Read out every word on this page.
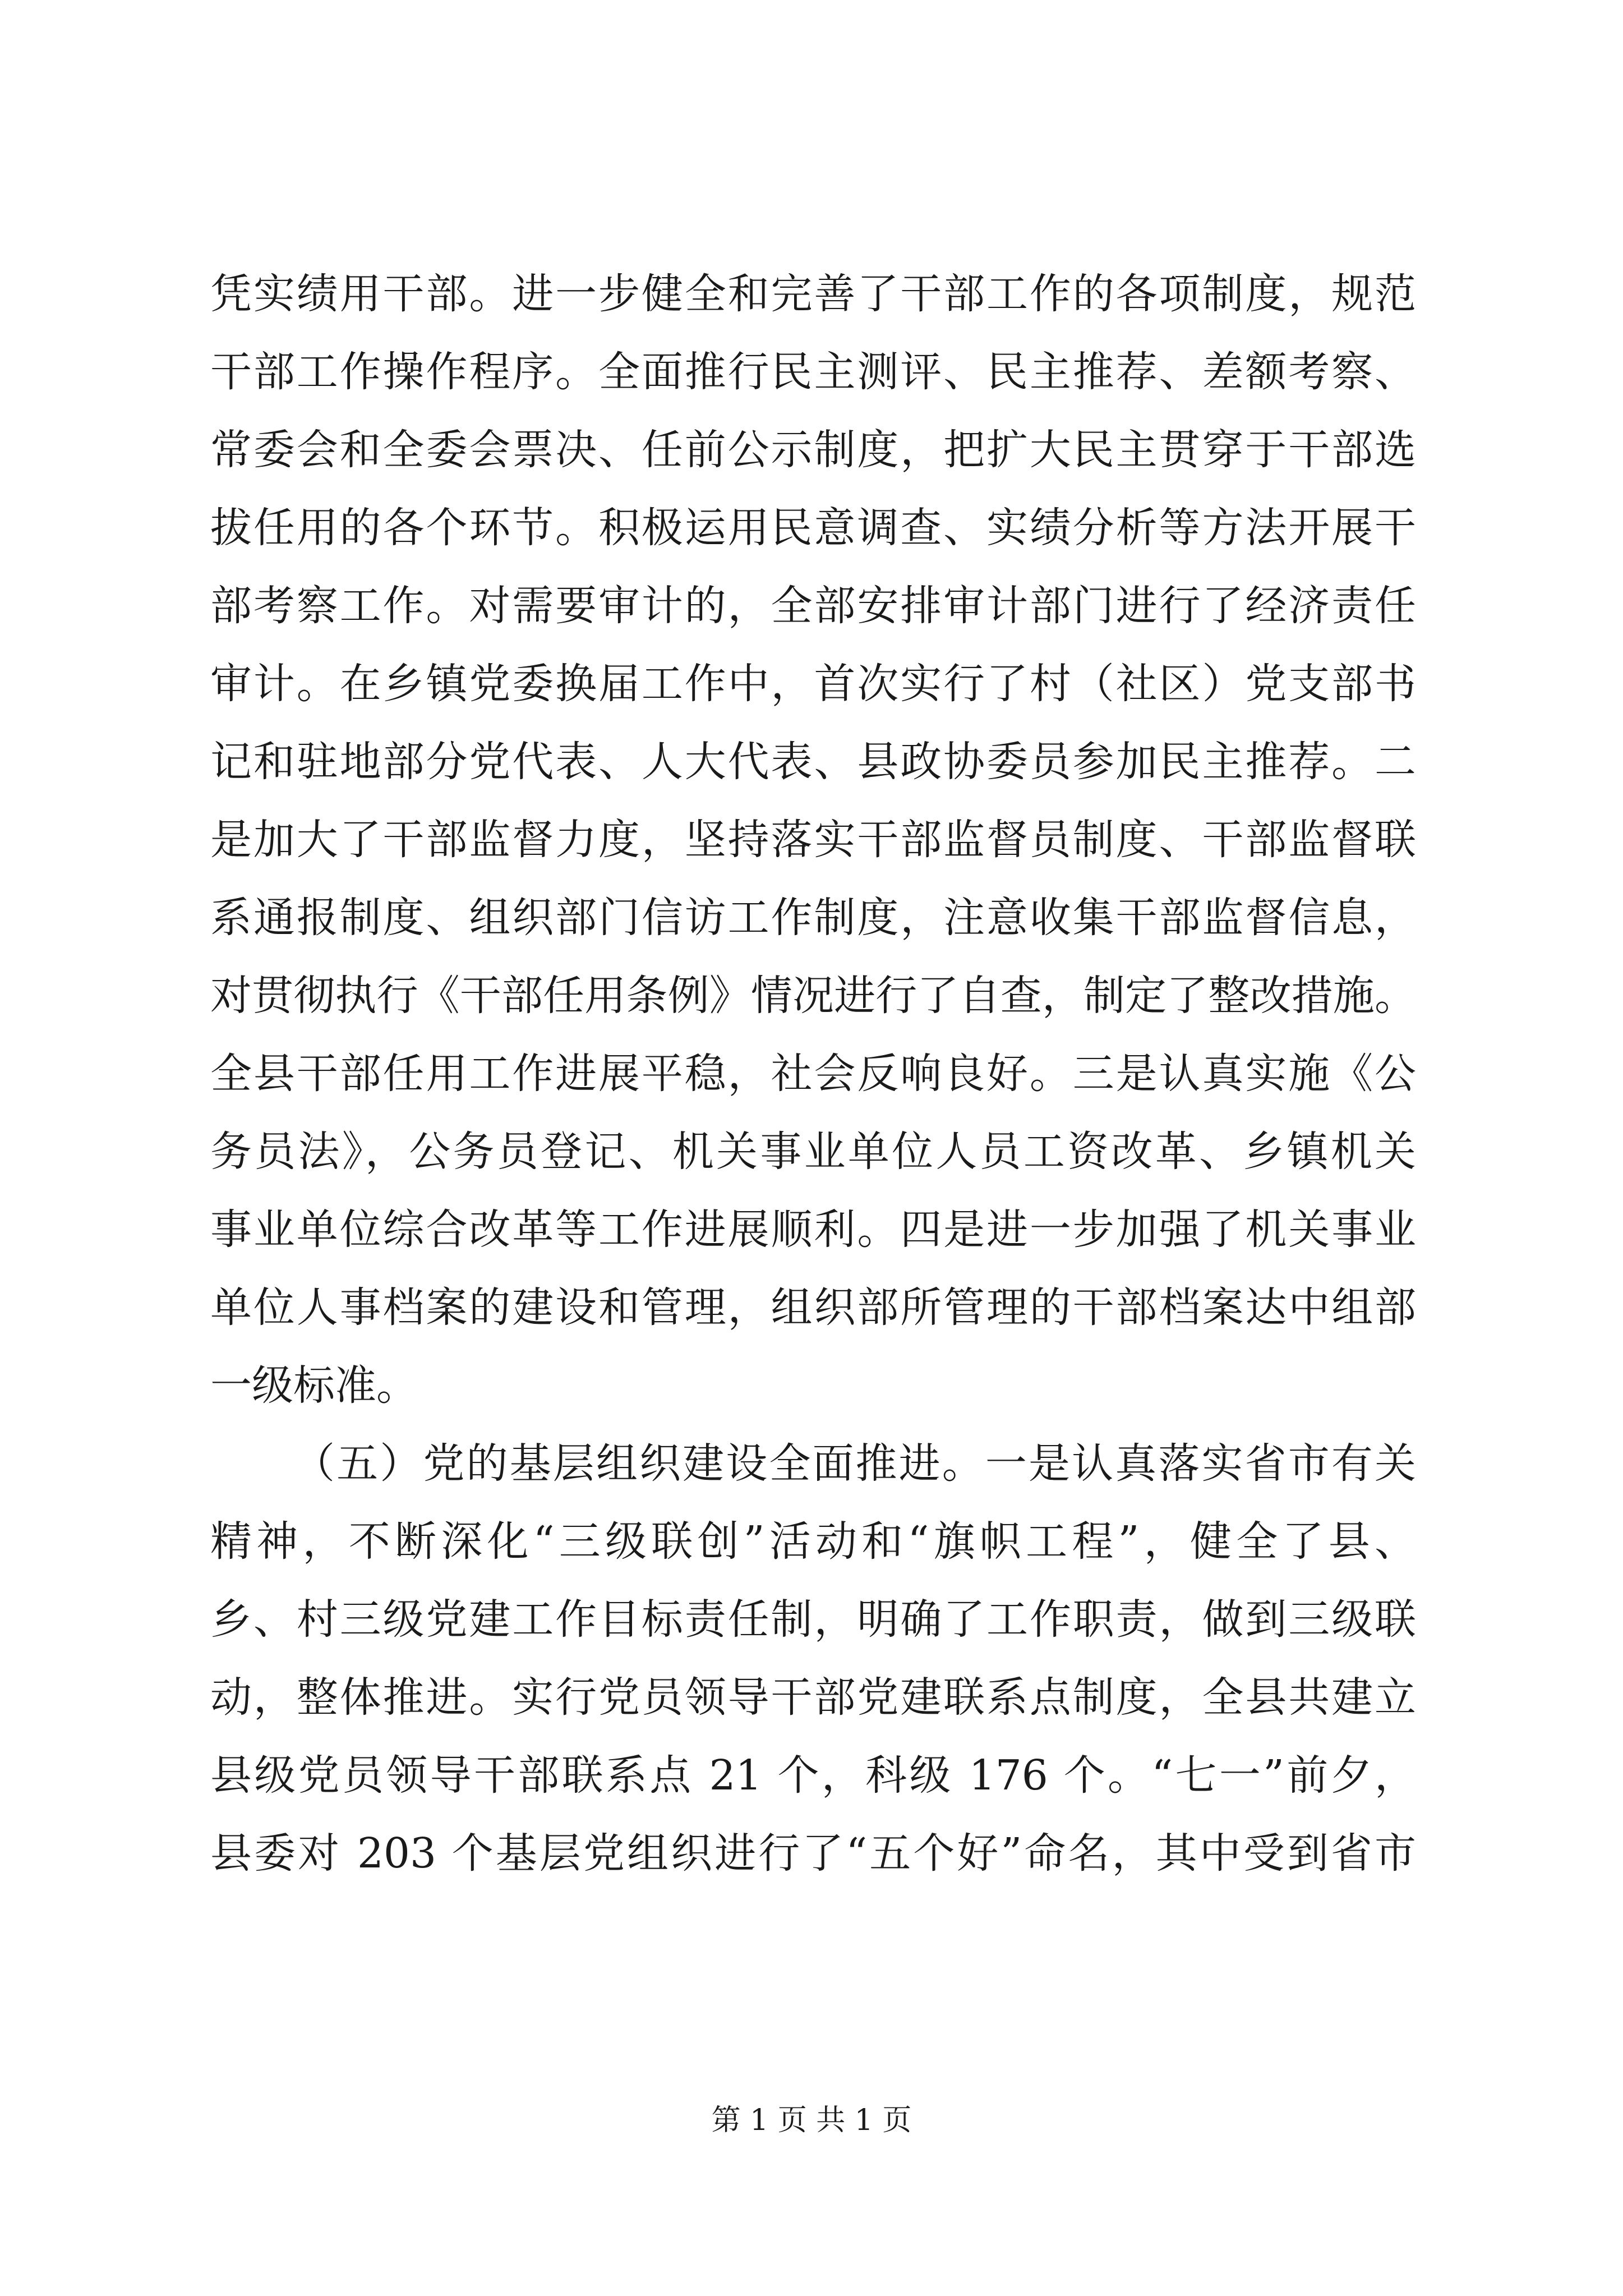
凭实绩用干部。进一步健全和完善了干部工作的各项制度，规范
干部工作操作程序。全面推行民主测评、民主推荐、差额考察、
常委会和全委会票决、任前公示制度，把扩大民主贯穿于干部选
拔任用的各个环节。积极运用民意调查、实绩分析等方法开展干
部考察工作。对需要审计的，全部安排审计部门进行了经济责任
审计。在乡镇党委换届工作中，首次实行了村（社区）党支部书
记和驻地部分党代表、人大代表、县政协委员参加民主推荐。二
是加大了干部监督力度，坚持落实干部监督员制度、干部监督联
系通报制度、组织部门信访工作制度，注意收集干部监督信息，
对贯彻执行《干部任用条例》情况进行了自查，制定了整改措施。
全县干部任用工作进展平稳，社会反响良好。三是认真实施《公
务员法》，公务员登记、机关事业单位人员工资改革、乡镇机关
事业单位综合改革等工作进展顺利。四是进一步加强了机关事业
单位人事档案的建设和管理，组织部所管理的干部档案达中组部
一级标准。
（五）党的基层组织建设全面推进。一是认真落实省市有关
精神，不断深化“三级联创”活动和“旗帜工程”，健全了县、
乡、村三级党建工作目标责任制，明确了工作职责，做到三级联
动，整体推进。实行党员领导干部党建联系点制度，全县共建立
县级党员领导干部联系点 21 个，科级 176 个。“七一”前夕，
县委对 203 个基层党组织进行了“五个好”命名，其中受到省市
第 1 页 共 1 页
